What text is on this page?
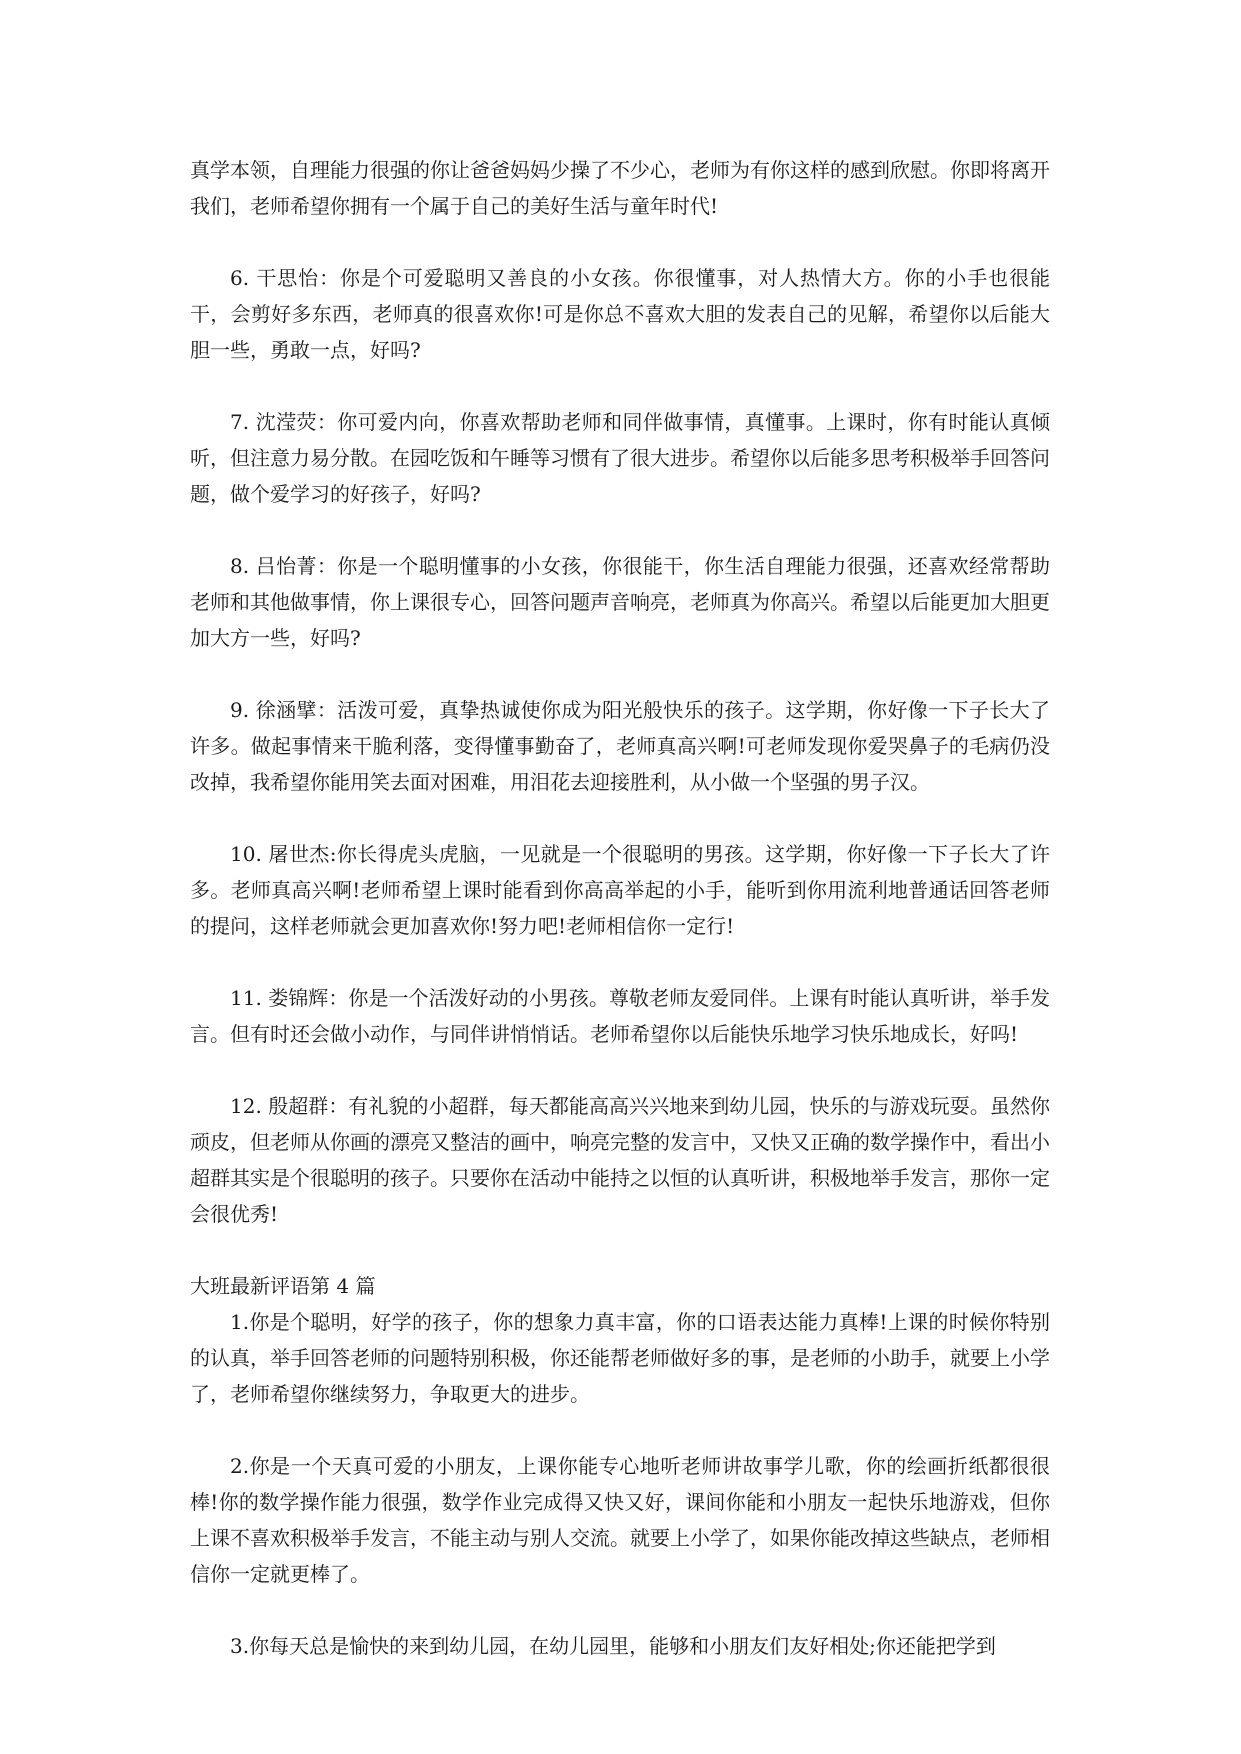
真学本领，自理能力很强的你让爸爸妈妈少操了不少心，老师为有你这样的感到欣慰。你即将离开我们，老师希望你拥有一个属于自己的美好生活与童年时代!

6. 干思怡：你是个可爱聪明又善良的小女孩。你很懂事，对人热情大方。你的小手也很能干，会剪好多东西，老师真的很喜欢你!可是你总不喜欢大胆的发表自己的见解，希望你以后能大胆一些，勇敢一点，好吗?

7. 沈滢荧：你可爱内向，你喜欢帮助老师和同伴做事情，真懂事。上课时，你有时能认真倾听，但注意力易分散。在园吃饭和午睡等习惯有了很大进步。希望你以后能多思考积极举手回答问题，做个爱学习的好孩子，好吗?

8. 吕怡菁：你是一个聪明懂事的小女孩，你很能干，你生活自理能力很强，还喜欢经常帮助老师和其他做事情，你上课很专心，回答问题声音响亮，老师真为你高兴。希望以后能更加大胆更加大方一些，好吗?

9. 徐涵擘：活泼可爱，真挚热诚使你成为阳光般快乐的孩子。这学期，你好像一下子长大了许多。做起事情来干脆利落，变得懂事勤奋了，老师真高兴啊!可老师发现你爱哭鼻子的毛病仍没改掉，我希望你能用笑去面对困难，用泪花去迎接胜利，从小做一个坚强的男子汉。

10. 屠世杰:你长得虎头虎脑，一见就是一个很聪明的男孩。这学期，你好像一下子长大了许多。老师真高兴啊!老师希望上课时能看到你高高举起的小手，能听到你用流利地普通话回答老师的提问，这样老师就会更加喜欢你!努力吧!老师相信你一定行!

11. 娄锦辉：你是一个活泼好动的小男孩。尊敬老师友爱同伴。上课有时能认真听讲，举手发言。但有时还会做小动作，与同伴讲悄悄话。老师希望你以后能快乐地学习快乐地成长，好吗!

12. 殷超群：有礼貌的小超群，每天都能高高兴兴地来到幼儿园，快乐的与游戏玩耍。虽然你顽皮，但老师从你画的漂亮又整洁的画中，响亮完整的发言中，又快又正确的数学操作中，看出小超群其实是个很聪明的孩子。只要你在活动中能持之以恒的认真听讲，积极地举手发言，那你一定会很优秀!

大班最新评语第 4 篇

1.你是个聪明，好学的孩子，你的想象力真丰富，你的口语表达能力真棒!上课的时候你特别的认真，举手回答老师的问题特别积极，你还能帮老师做好多的事，是老师的小助手，就要上小学了，老师希望你继续努力，争取更大的进步。

2.你是一个天真可爱的小朋友，上课你能专心地听老师讲故事学儿歌，你的绘画折纸都很很棒!你的数学操作能力很强，数学作业完成得又快又好，课间你能和小朋友一起快乐地游戏，但你上课不喜欢积极举手发言，不能主动与别人交流。就要上小学了，如果你能改掉这些缺点，老师相信你一定就更棒了。

3.你每天总是愉快的来到幼儿园，在幼儿园里，能够和小朋友们友好相处;你还能把学到
